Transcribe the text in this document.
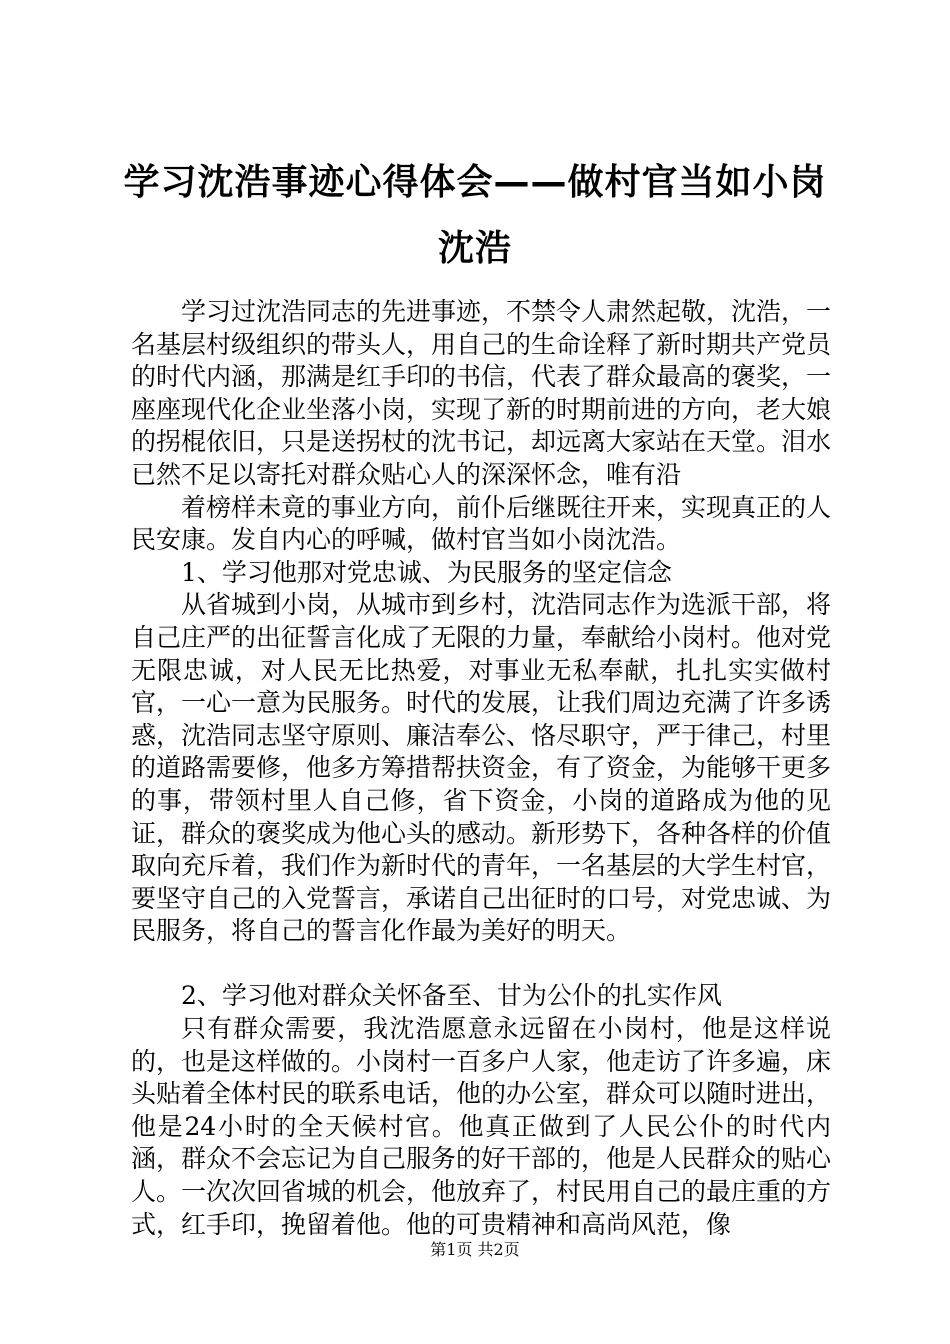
学习沈浩事迹心得体会——做村官当如小岗沈浩

学习过沈浩同志的先进事迹，不禁令人肃然起敬，沈浩，一名基层村级组织的带头人，用自己的生命诠释了新时期共产党员的时代内涵，那满是红手印的书信，代表了群众最高的褒奖，一座座现代化企业坐落小岗，实现了新的时期前进的方向，老大娘的拐棍依旧，只是送拐杖的沈书记，却远离大家站在天堂。泪水已然不足以寄托对群众贴心人的深深怀念，唯有沿

着榜样未竟的事业方向，前仆后继既往开来，实现真正的人民安康。发自内心的呼喊，做村官当如小岗沈浩。

1、学习他那对党忠诚、为民服务的坚定信念

从省城到小岗，从城市到乡村，沈浩同志作为选派干部，将自己庄严的出征誓言化成了无限的力量，奉献给小岗村。他对党无限忠诚，对人民无比热爱，对事业无私奉献，扎扎实实做村官，一心一意为民服务。时代的发展，让我们周边充满了许多诱惑，沈浩同志坚守原则、廉洁奉公、恪尽职守，严于律己，村里的道路需要修，他多方筹措帮扶资金，有了资金，为能够干更多的事，带领村里人自己修，省下资金，小岗的道路成为他的见证，群众的褒奖成为他心头的感动。新形势下，各种各样的价值取向充斥着，我们作为新时代的青年，一名基层的大学生村官，要坚守自己的入党誓言，承诺自己出征时的口号，对党忠诚、为民服务，将自己的誓言化作最为美好的明天。

2、学习他对群众关怀备至、甘为公仆的扎实作风

只有群众需要，我沈浩愿意永远留在小岗村，他是这样说的，也是这样做的。小岗村一百多户人家，他走访了许多遍，床头贴着全体村民的联系电话，他的办公室，群众可以随时进出，他是24小时的全天候村官。他真正做到了人民公仆的时代内涵，群众不会忘记为自己服务的好干部的，他是人民群众的贴心人。一次次回省城的机会，他放弃了，村民用自己的最庄重的方式，红手印，挽留着他。他的可贵精神和高尚风范，像

第1页 共2页
